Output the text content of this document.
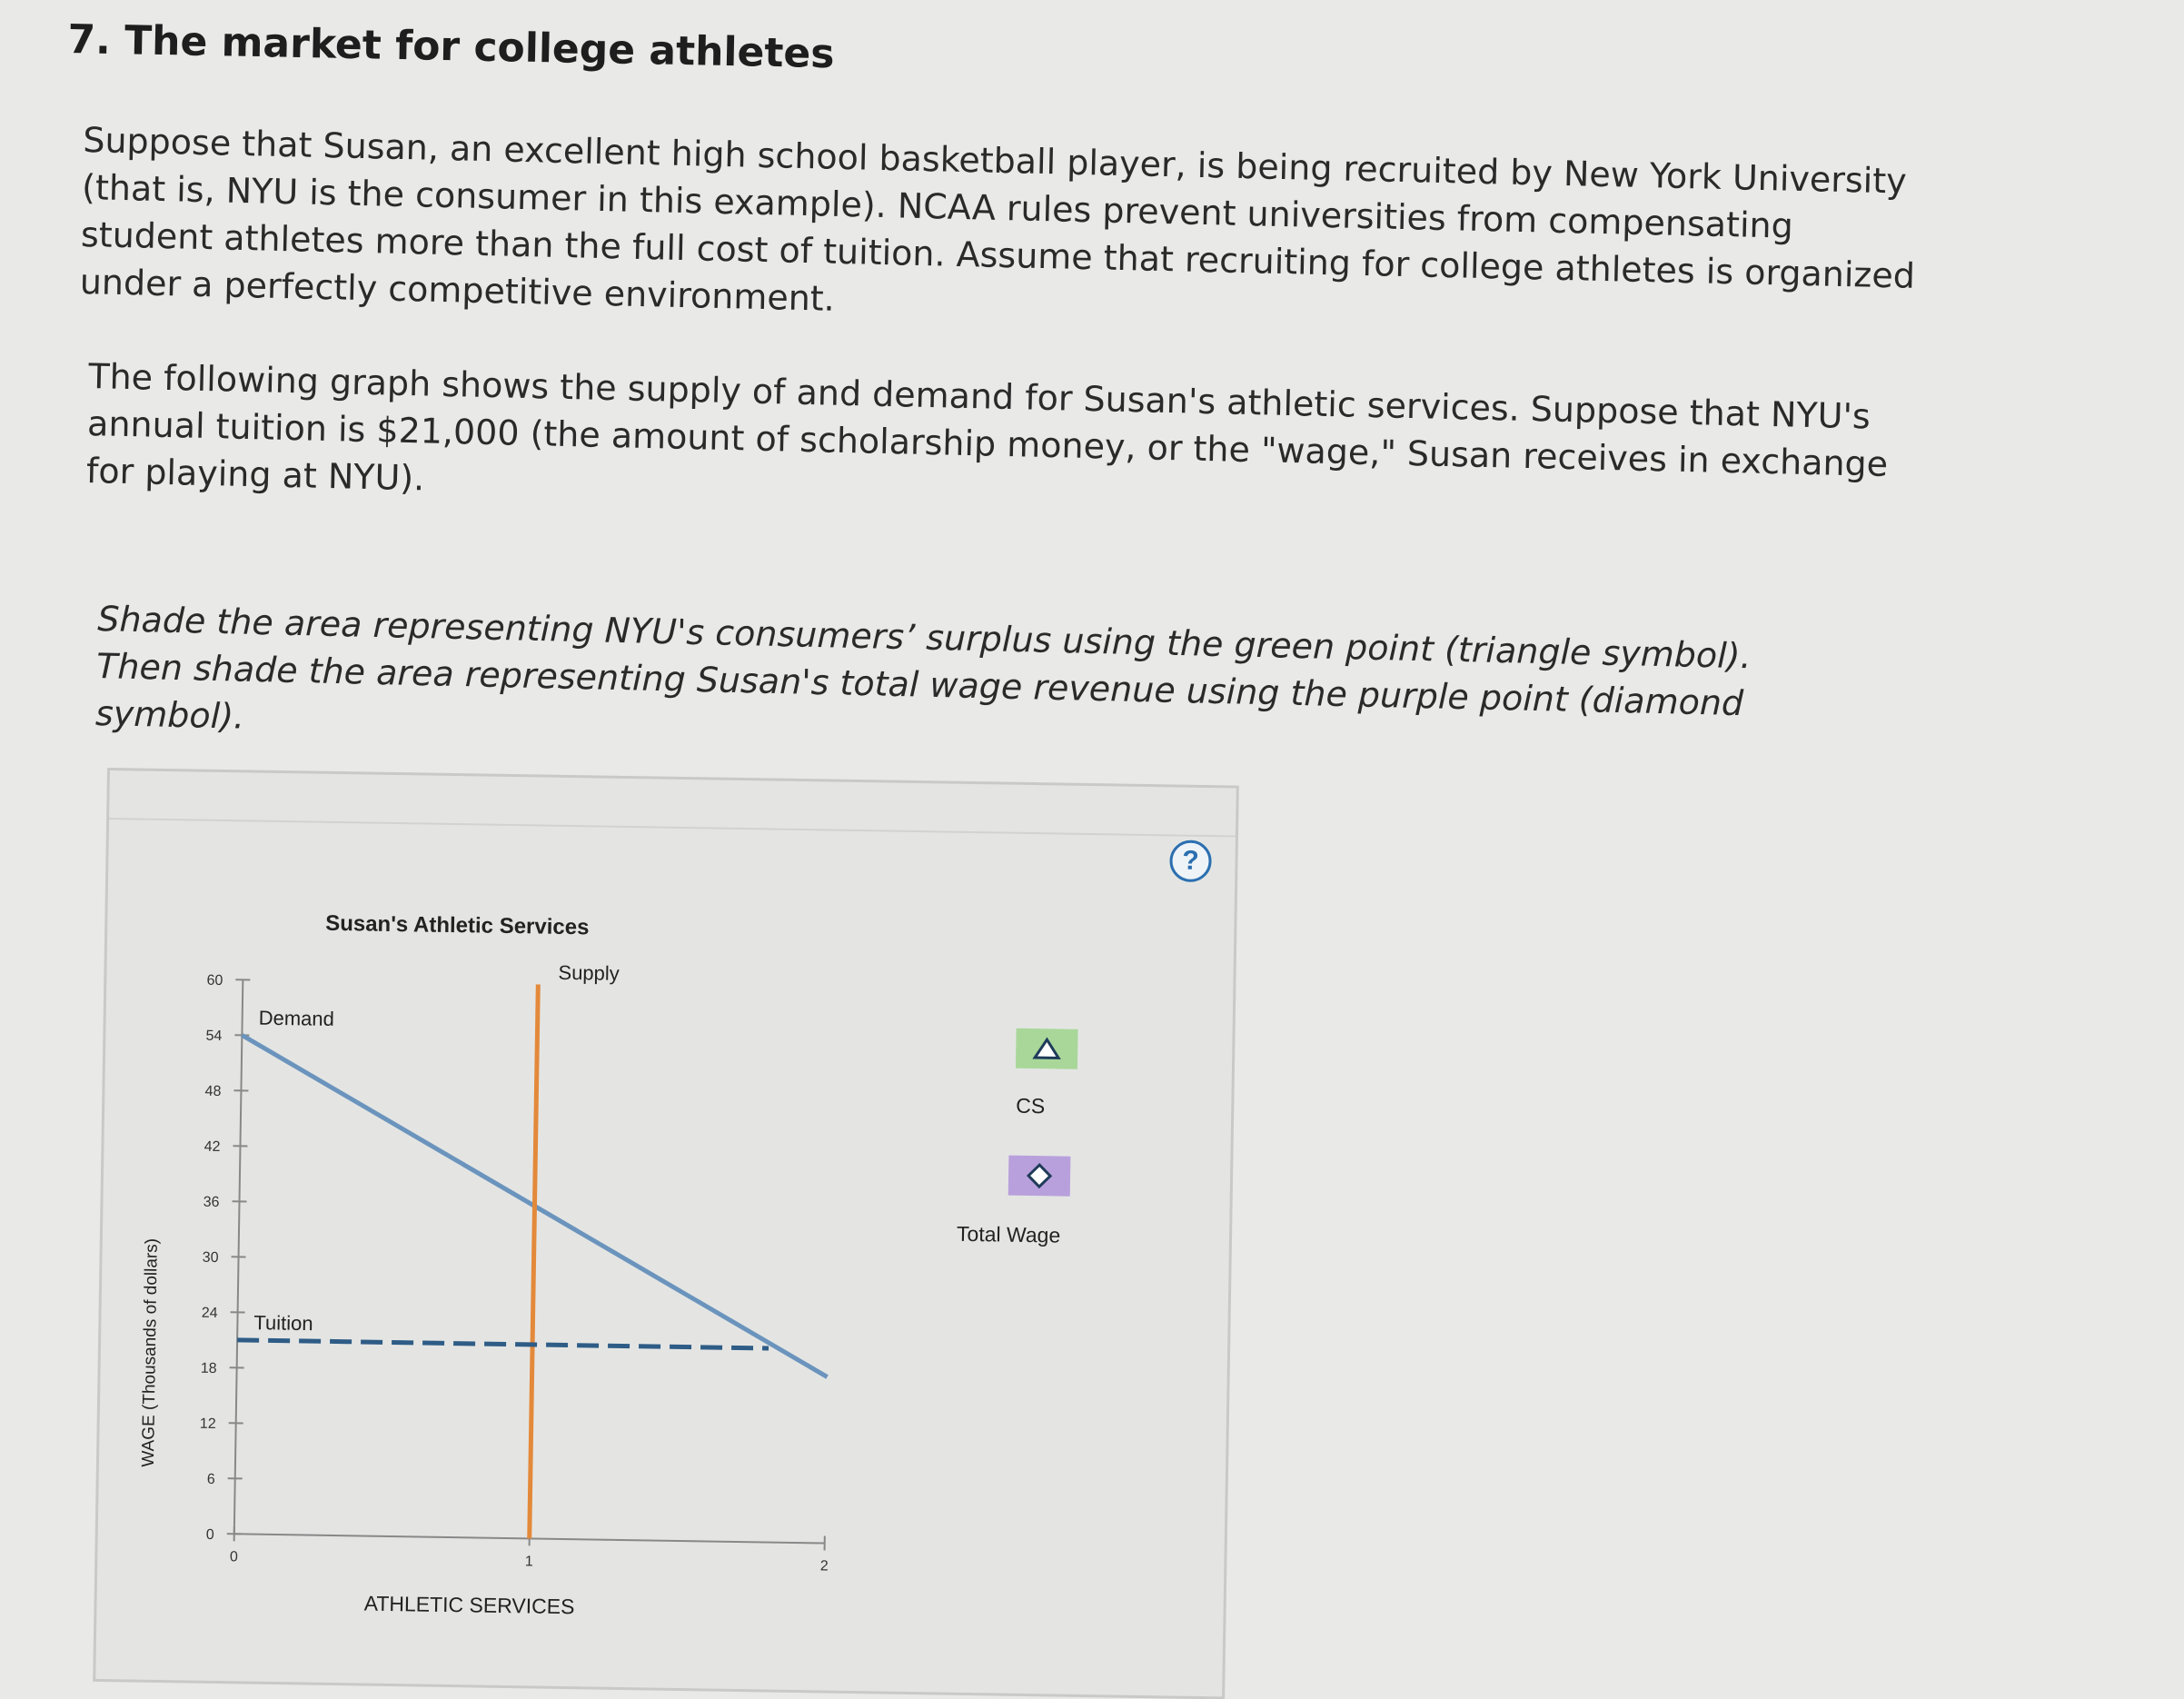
7. The market for college athletes

Suppose that Susan, an excellent high school basketball player, is being recruited by New York University (that is, NYU is the consumer in this example). NCAA rules prevent universities from compensating student athletes more than the full cost of tuition. Assume that recruiting for college athletes is organized under a perfectly competitive environment.

The following graph shows the supply of and demand for Susan's athletic services. Suppose that NYU's annual tuition is $21,000 (the amount of scholarship money, or the "wage," Susan receives in exchange for playing at NYU).

Shade the area representing NYU's consumers’ surplus using the green point (triangle symbol). Then shade the area representing Susan's total wage revenue using the purple point (diamond symbol).

?
Susan's Athletic Services
0
6
12
18
24
30
36
42
48
54
60
0	1	2
Demand
Supply
Tuition
ATHLETIC SERVICES
WAGE (Thousands of dollars)
CS
Total Wage
